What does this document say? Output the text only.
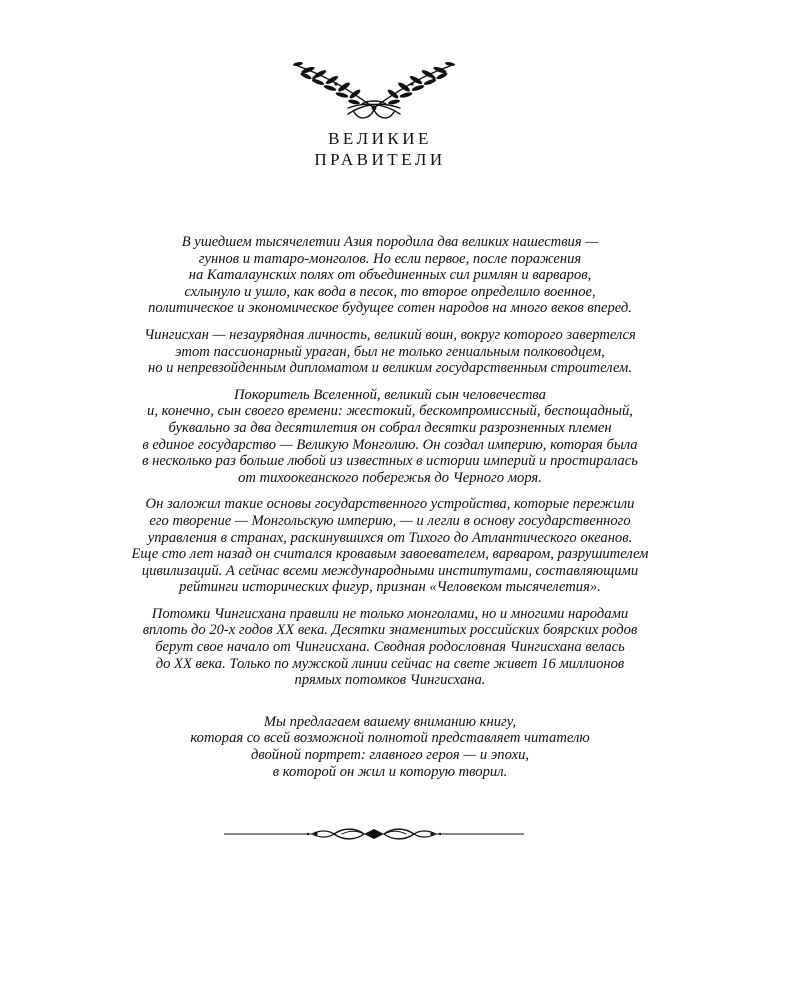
ВЕЛИКИЕ
ПРАВИТЕЛИ

В ушедшем тысячелетии Азия породила два великих нашествия —
гуннов и татаро-монголов. Но если первое, после поражения
на Каталаунских полях от объединенных сил римлян и варваров,
схлынуло и ушло, как вода в песок, то второе определило военное,
политическое и экономическое будущее сотен народов на много веков вперед.

Чингисхан — незаурядная личность, великий воин, вокруг которого завертелся
этот пассионарный ураган, был не только гениальным полководцем,
но и непревзойденным дипломатом и великим государственным строителем.

Покоритель Вселенной, великий сын человечества
и, конечно, сын своего времени: жестокий, бескомпромиссный, беспощадный,
буквально за два десятилетия он собрал десятки разрозненных племен
в единое государство — Великую Монголию. Он создал империю, которая была
в несколько раз больше любой из известных в истории империй и простиралась
от тихоокеанского побережья до Черного моря.

Он заложил такие основы государственного устройства, которые пережили
его творение — Монгольскую империю, — и легли в основу государственного
управления в странах, раскинувшихся от Тихого до Атлантического океанов.
Еще сто лет назад он считался кровавым завоевателем, варваром, разрушителем
цивилизаций. А сейчас всеми международными институтами, составляющими
рейтинги исторических фигур, признан «Человеком тысячелетия».

Потомки Чингисхана правили не только монголами, но и многими народами
вплоть до 20-х годов XX века. Десятки знаменитых российских боярских родов
берут свое начало от Чингисхана. Сводная родословная Чингисхана велась
до XX века. Только по мужской линии сейчас на свете живет 16 миллионов
прямых потомков Чингисхана.

Мы предлагаем вашему вниманию книгу,
которая со всей возможной полнотой представляет читателю
двойной портрет: главного героя — и эпохи,
в которой он жил и которую творил.
